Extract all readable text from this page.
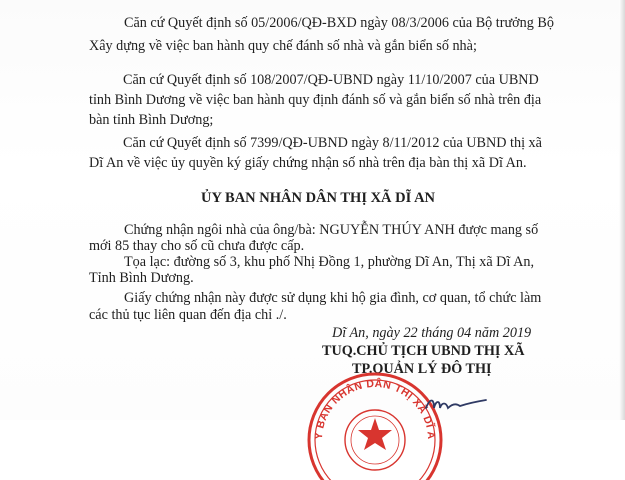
Căn cứ Quyết định số 05/2006/QĐ-BXD ngày 08/3/2006 của Bộ trưởng Bộ
Xây dựng về việc ban hành quy chế đánh số nhà và gắn biển số nhà;
Căn cứ Quyết định số 108/2007/QĐ-UBND ngày 11/10/2007 của UBND
tỉnh Bình Dương về việc ban hành quy định đánh số và gắn biển số nhà trên địa
bàn tỉnh Bình Dương;
Căn cứ Quyết định số 7399/QĐ-UBND ngày 8/11/2012 của UBND thị xã
Dĩ An về việc ủy quyền ký giấy chứng nhận số nhà trên địa bàn thị xã Dĩ An.
ỦY BAN NHÂN DÂN THỊ XÃ DĨ AN
Chứng nhận ngôi nhà của ông/bà: NGUYỄN THÚY ANH được mang số
mới 85 thay cho số cũ chưa được cấp.
Tọa lạc: đường số 3, khu phố Nhị Đồng 1, phường Dĩ An, Thị xã Dĩ An,
Tỉnh Bình Dương.
Giấy chứng nhận này được sử dụng khi hộ gia đình, cơ quan, tổ chức làm
các thủ tục liên quan đến địa chỉ ./.
Dĩ An, ngày 22 tháng 04 năm 2019
TUQ.CHỦ TỊCH UBND THỊ XÃ
TP.QUẢN LÝ ĐÔ THỊ
ỦY BAN NHÂN DÂN THỊ XÃ DĨ AN
